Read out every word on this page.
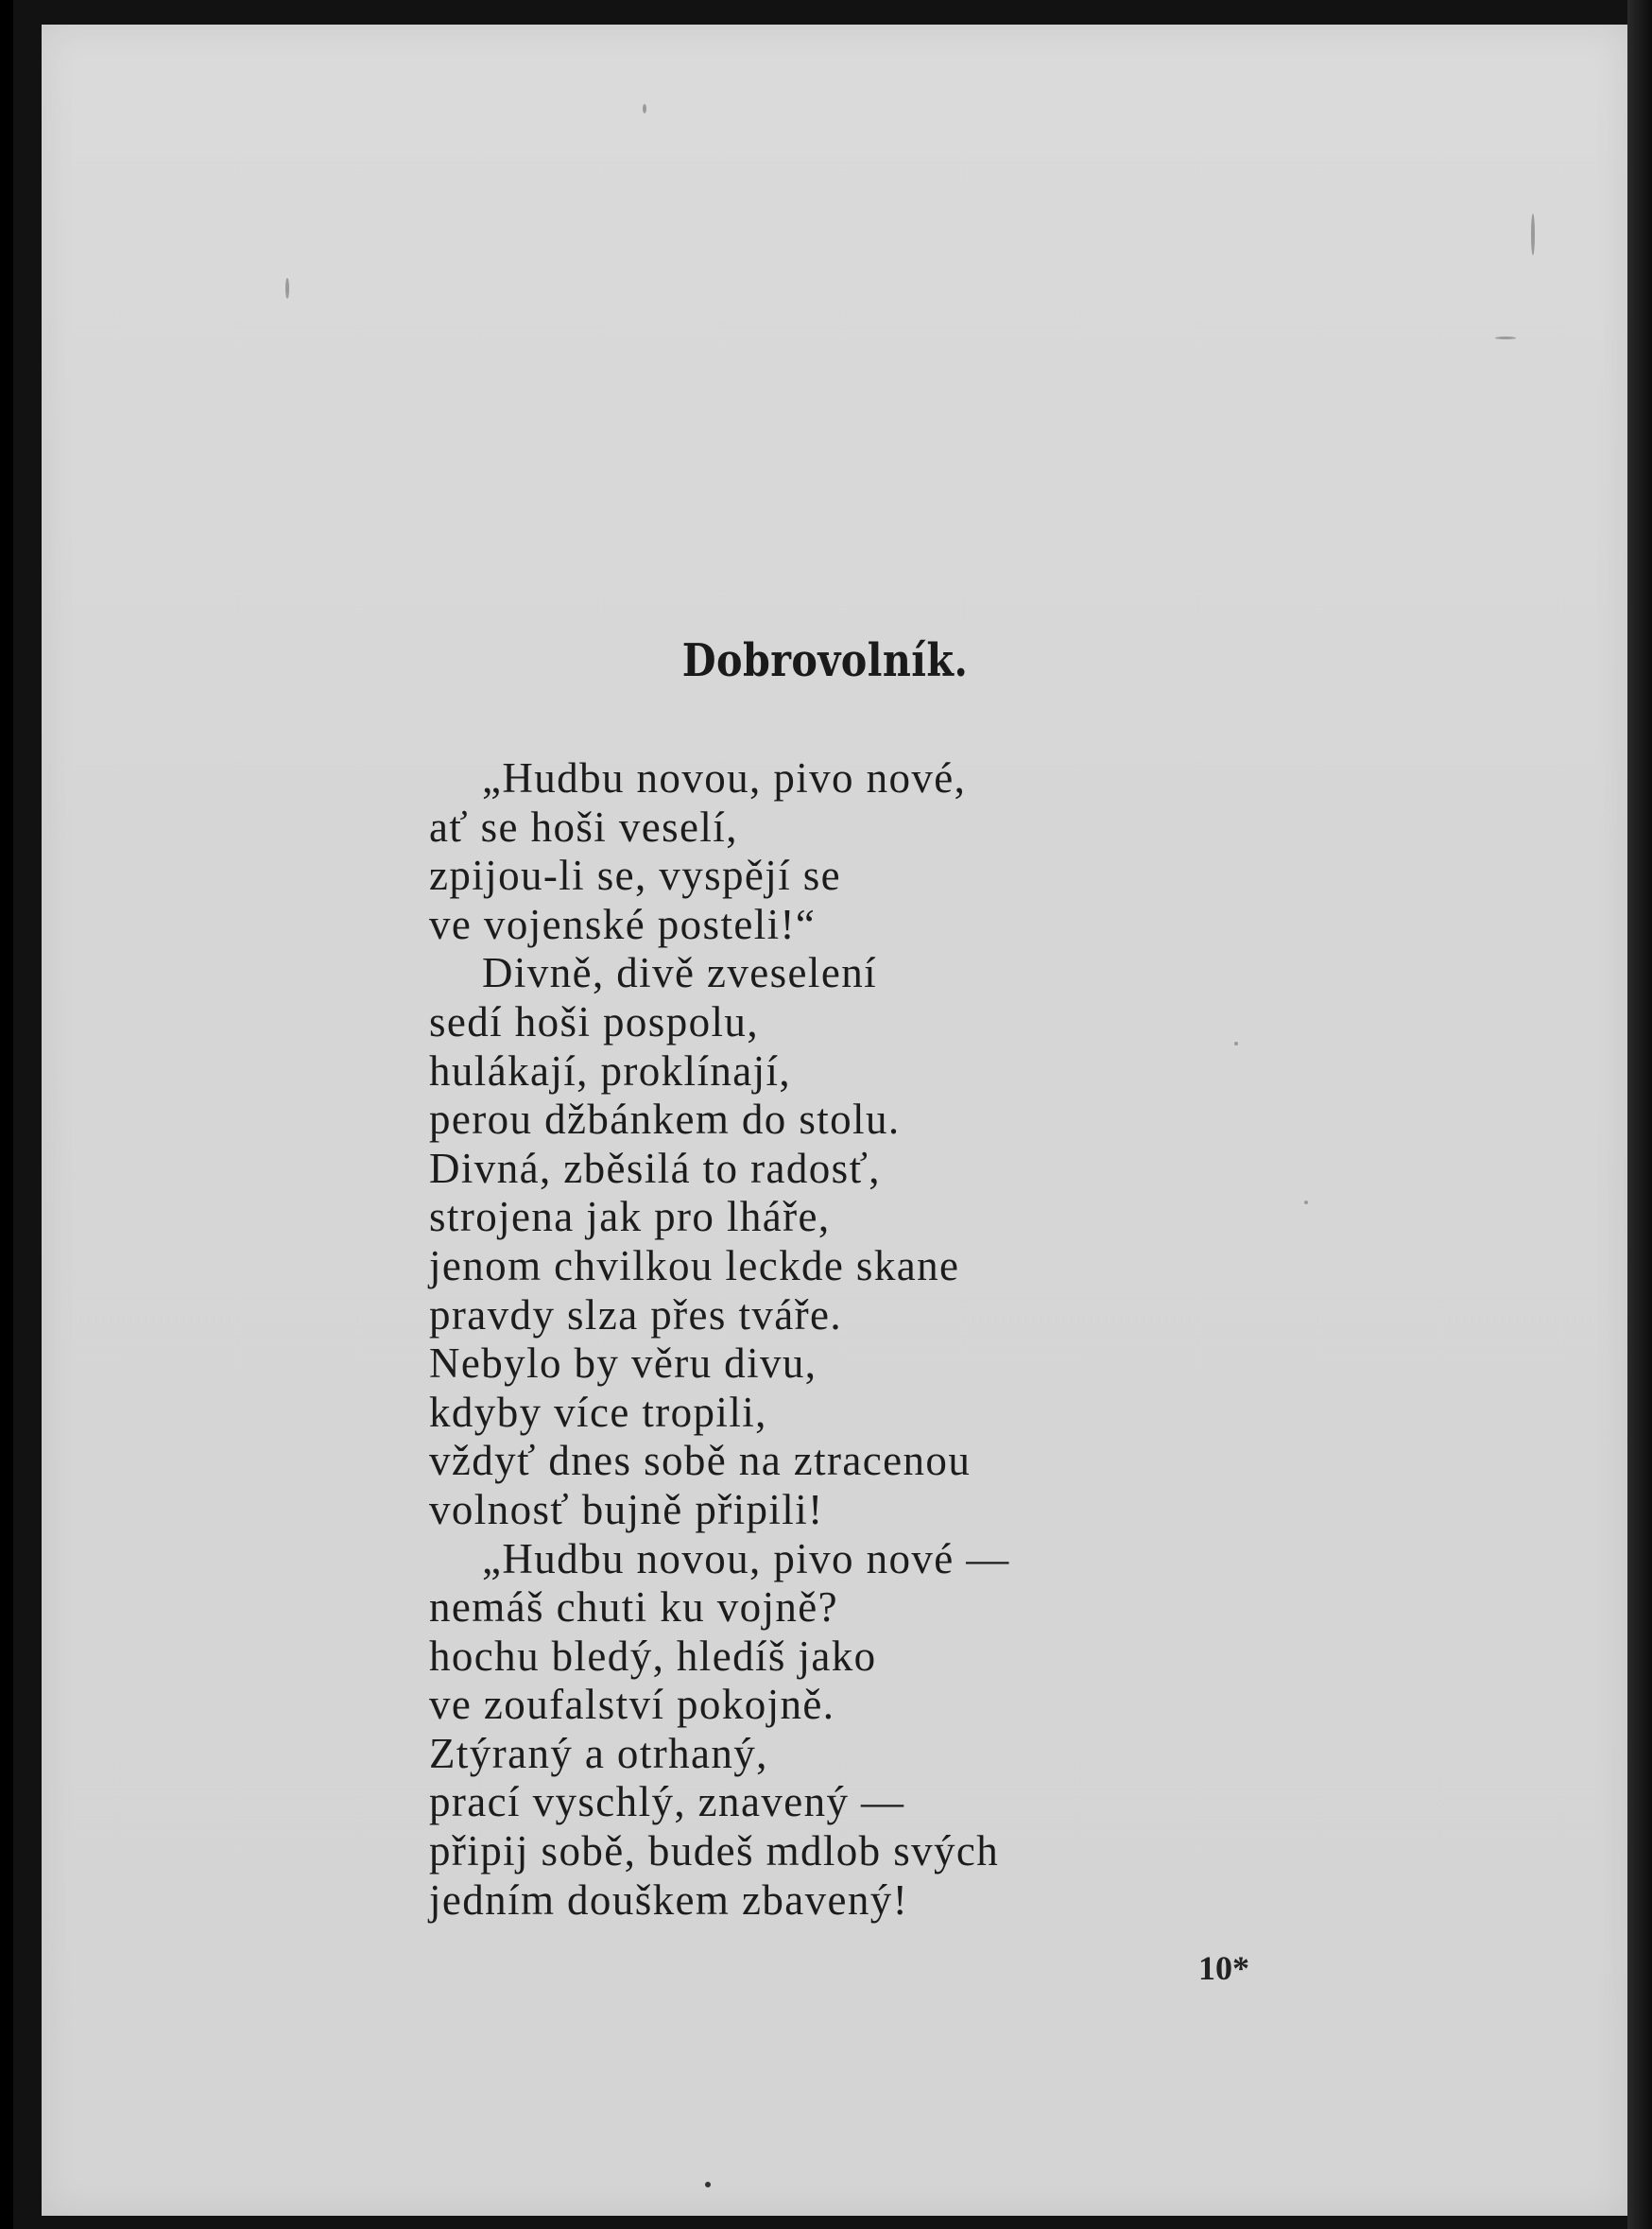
Dobrovolník.
„Hudbu novou, pivo nové,
ať se hoši veselí,
zpijou-li se, vyspějí se
ve vojenské posteli!“
Divně, divě zveselení
sedí hoši pospolu,
hulákají, proklínají,
perou džbánkem do stolu.
Divná, zběsilá to radosť,
strojena jak pro lháře,
jenom chvilkou leckde skane
pravdy slza přes tváře.
Nebylo by věru divu,
kdyby více tropili,
vždyť dnes sobě na ztracenou
volnosť bujně připili!
„Hudbu novou, pivo nové —
nemáš chuti ku vojně?
hochu bledý, hledíš jako
ve zoufalství pokojně.
Ztýraný a otrhaný,
prací vyschlý, znavený —
připij sobě, budeš mdlob svých
jedním douškem zbavený!
10*
